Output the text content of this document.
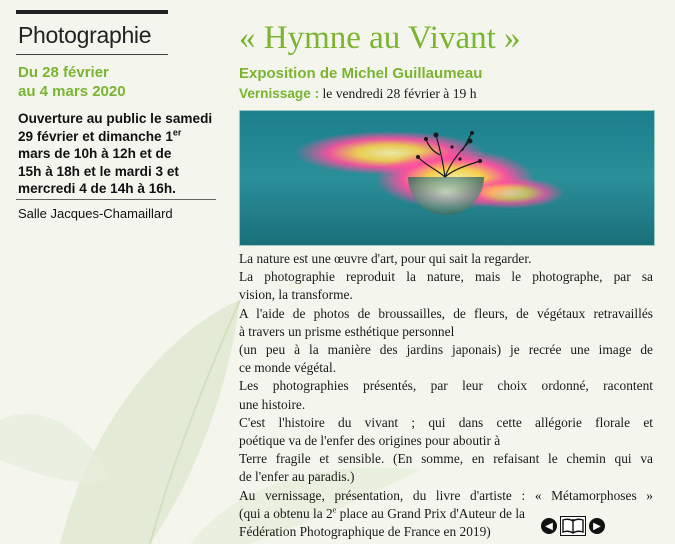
Photographie
Du 28 février
au 4 mars 2020
Ouverture au public le samedi
29 février et dimanche 1er
mars de 10h à 12h et de
15h à 18h et le mardi 3 et
mercredi 4 de 14h à 16h.
Salle Jacques-Chamaillard
« Hymne au Vivant »
Exposition de Michel Guillaumeau
Vernissage : le vendredi 28 février à 19 h

La nature est une œuvre d'art, pour qui sait la regarder.

La photographie reproduit la nature, mais le photographe, par sa

vision, la transforme.

A l'aide de photos de broussailles, de fleurs, de végétaux retravaillés

à travers un prisme esthétique personnel

(un peu à la manière des jardins japonais) je recrée une image de

ce monde végétal.

Les photographies présentés, par leur choix ordonné, racontent

une histoire.

C'est l'histoire du vivant ; qui dans cette allégorie florale et

poétique va de l'enfer des origines pour aboutir à

Terre fragile et sensible. (En somme, en refaisant le chemin qui va

de l'enfer au paradis.)

Au vernissage, présentation, du livre d'artiste : « Métamorphoses »

(qui a obtenu la 2e place au Grand Prix d'Auteur de la

Fédération Photographique de France en 2019)	◀	▶
